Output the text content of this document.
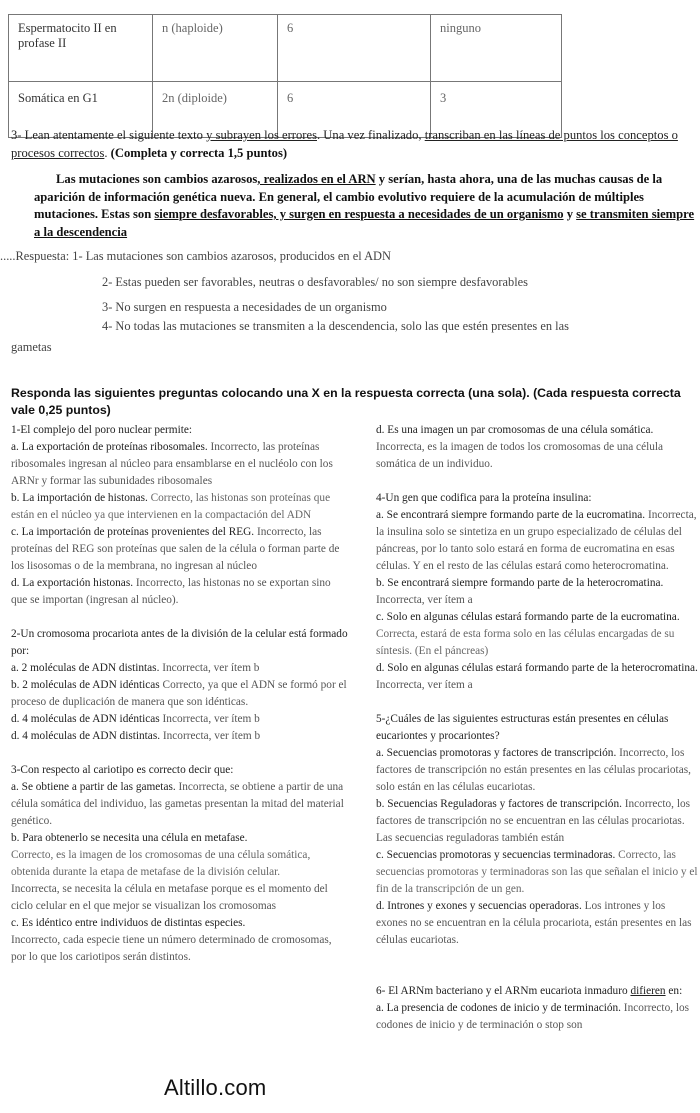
Espermatocito II en profase II	n (haploide)	6	ninguno
Somática en G1	2n (diploide)	6	3
3- Lean atentamente el siguiente texto y subrayen los errores. Una vez finalizado, transcriban en las líneas de puntos los conceptos o procesos correctos. (Completa y correcta 1,5 puntos)
Las mutaciones son cambios azarosos, realizados en el ARN y serían, hasta ahora, una de las muchas causas de la aparición de información genética nueva. En general, el cambio evolutivo requiere de la acumulación de múltiples mutaciones. Estas son siempre desfavorables, y surgen en respuesta a necesidades de un organismo y se transmiten siempre a la descendencia
.....Respuesta: 1- Las mutaciones son cambios azarosos, producidos en el ADN
2- Estas pueden ser favorables, neutras o desfavorables/ no son siempre desfavorables
3- No surgen en respuesta a necesidades de un organismo
4- No todas las mutaciones se transmiten a la descendencia, solo las que estén presentes en las
gametas
Responda las siguientes preguntas colocando una X en la respuesta correcta (una sola). (Cada respuesta correcta vale 0,25 puntos)

1-El complejo del poro nuclear permite:

a. La exportación de proteínas ribosomales. Incorrecto, las proteínas ribosomales ingresan al núcleo para ensamblarse en el nucléolo con los ARNr y formar las subunidades ribosomales

b. La importación de histonas. Correcto, las histonas son proteínas que están en el núcleo ya que intervienen en la compactación del ADN

c. La importación de proteínas provenientes del REG. Incorrecto, las proteínas del REG son proteínas que salen de la célula o forman parte de los lisosomas o de la membrana, no ingresan al núcleo

d. La exportación histonas. Incorrecto, las histonas no se exportan sino que se importan (ingresan al núcleo).

2-Un cromosoma procariota antes de la división de la celular está formado por:

a. 2 moléculas de ADN distintas. Incorrecta, ver ítem b

b. 2 moléculas de ADN idénticas Correcto, ya que el ADN se formó por el proceso de duplicación de manera que son idénticas.

d. 4 moléculas de ADN idénticas Incorrecta, ver ítem b

d. 4 moléculas de ADN distintas. Incorrecta, ver ítem b

3-Con respecto al cariotipo es correcto decir que:

a. Se obtiene a partir de las gametas. Incorrecta, se obtiene a partir de una célula somática del individuo, las gametas presentan la mitad del material genético.

b. Para obtenerlo se necesita una célula en metafase.

Correcto, es la imagen de los cromosomas de una célula somática, obtenida durante la etapa de metafase de la división celular.

Incorrecta, se necesita la célula en metafase porque es el momento del ciclo celular en el que mejor se visualizan los cromosomas

c. Es idéntico entre individuos de distintas especies.

Incorrecto, cada especie tiene un número determinado de cromosomas, por lo que los cariotipos serán distintos.

d. Es una imagen un par cromosomas de una célula somática. Incorrecta, es la imagen de todos los cromosomas de una célula somática de un individuo.

4-Un gen que codifica para la proteína insulina:

a. Se encontrará siempre formando parte de la eucromatina. Incorrecta, la insulina solo se sintetiza en un grupo especializado de células del páncreas, por lo tanto solo estará en forma de eucromatina en esas células. Y en el resto de las células estará como heterocromatina.

b. Se encontrará siempre formando parte de la heterocromatina. Incorrecta, ver ítem a

c. Solo en algunas células estará formando parte de la eucromatina. Correcta, estará de esta forma solo en las células encargadas de su síntesis. (En el páncreas)

d. Solo en algunas células estará formando parte de la heterocromatina. Incorrecta, ver ítem a

5-¿Cuáles de las siguientes estructuras están presentes en células eucariontes y procariontes?

a. Secuencias promotoras y factores de transcripción. Incorrecto, los factores de transcripción no están presentes en las células procariotas, solo están en las células eucariotas.

b. Secuencias Reguladoras y factores de transcripción. Incorrecto, los factores de transcripción no se encuentran en las células procariotas. Las secuencias reguladoras también están

c. Secuencias promotoras y secuencias terminadoras. Correcto, las secuencias promotoras y terminadoras son las que señalan el inicio y el fin de la transcripción de un gen.

d. Intrones y exones y secuencias operadoras. Los intrones y los exones no se encuentran en la célula procariota, están presentes en las células eucariotas.

6- El ARNm bacteriano y el ARNm eucariota inmaduro difieren en:

a. La presencia de codones de inicio y de terminación. Incorrecto, los codones de inicio y de terminación o stop son

Altillo.com
